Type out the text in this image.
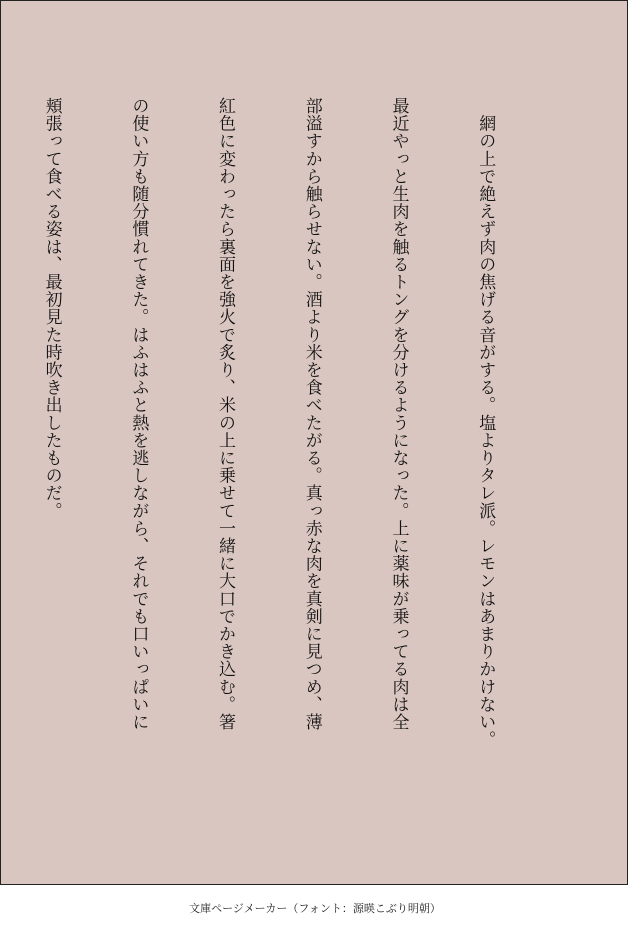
　網の上で絶えず肉の焦げる音がする。塩よりタレ派。レモンはあまりかけない。

最近やっと生肉を触るトングを分けるようになった。上に薬味が乗ってる肉は全

部溢すから触らせない。酒より米を食べたがる。真っ赤な肉を真剣に見つめ、薄

紅色に変わったら裏面を強火で炙り、米の上に乗せて一緒に大口でかき込む。箸

の使い方も随分慣れてきた。はふはふと熱を逃しながら、それでも口いっぱいに

頬張って食べる姿は、最初見た時吹き出したものだ。

文庫ページメーカー（フォント：源暎こぶり明朝）
